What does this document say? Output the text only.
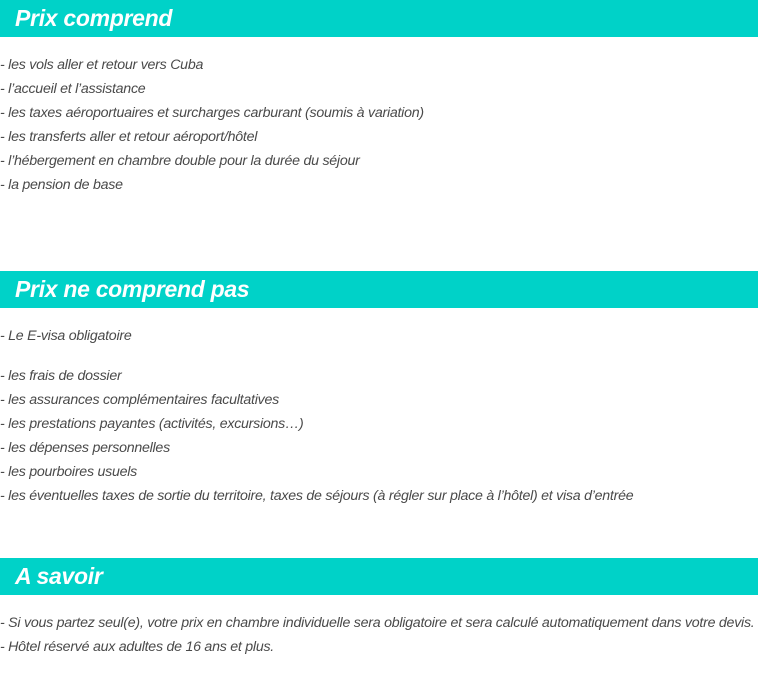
Prix comprend
- les vols aller et retour vers Cuba
- l’accueil et l’assistance
- les taxes aéroportuaires et surcharges carburant (soumis à variation)
- les transferts aller et retour aéroport/hôtel
- l’hébergement en chambre double pour la durée du séjour
- la pension de base
Prix ne comprend pas
- Le E-visa obligatoire
- les frais de dossier
- les assurances complémentaires facultatives
- les prestations payantes (activités, excursions…)
- les dépenses personnelles
- les pourboires usuels
- les éventuelles taxes de sortie du territoire, taxes de séjours (à régler sur place à l’hôtel) et visa d’entrée
A savoir
- Si vous partez seul(e), votre prix en chambre individuelle sera obligatoire et sera calculé automatiquement dans votre devis.
- Hôtel réservé aux adultes de 16 ans et plus.
